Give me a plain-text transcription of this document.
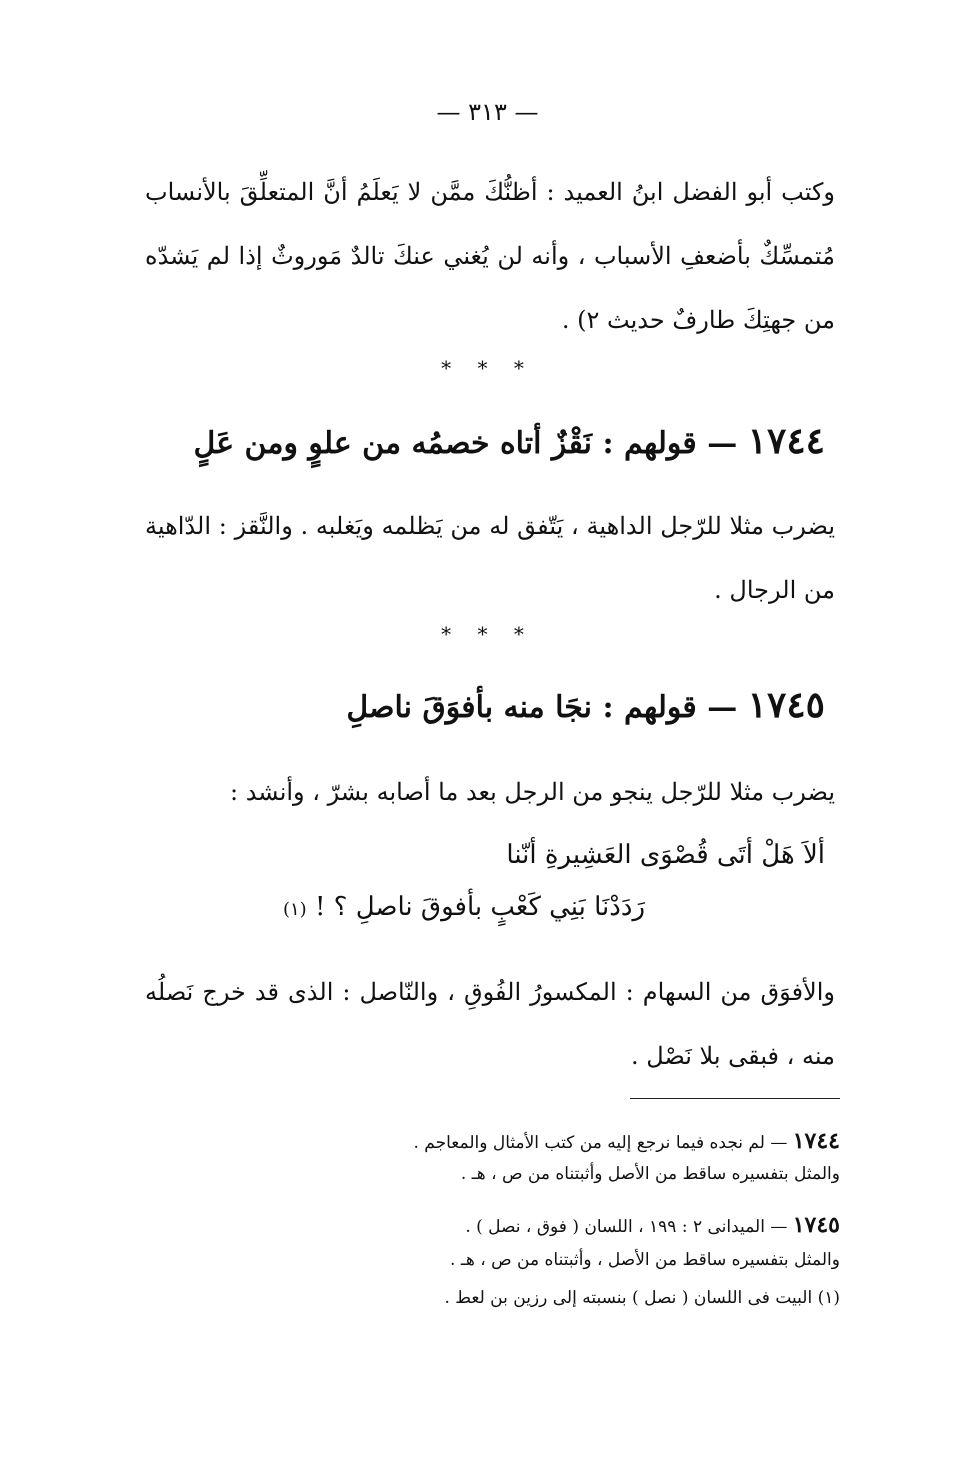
— ٣١٣ —
وكتب أبو الفضل ابنُ العميد : أظنُّكَ ممَّن لا يَعلَمُ أنَّ المتعلِّقَ بالأنساب مُتمسِّكٌ بأضعفِ الأسباب ، وأنه لن يُغني عنكَ تالدٌ مَوروثٌ إذا لم يَشدّه من جهتِكَ طارفٌ حديث ٢) .
* * *
١٧٤٤ — قولهم : نَقْزٌ أتاه خصمُه من علوٍ ومن عَلٍ
يضرب مثلا للرّجل الداهية ، يَتّفق له من يَظلمه ويَغلبه . والنَّقز : الدّاهية من الرجال .
* * *
١٧٤٥ — قولهم : نجَا منه بأفوَقَ ناصلِ
يضرب مثلا للرّجل ينجو من الرجل بعد ما أصابه بشرّ ، وأنشد :
ألاَ هَلْ أتَى قُصْوَى العَشِيرةِ أنّنا
رَدَدْنَا بَنِي كَعْبٍ بأفوقَ ناصلِ ؟ ! (١)
والأفوَق من السهام : المكسورُ الفُوقِ ، والنّاصل : الذى قد خرج نَصلُه منه ، فبقى بلا نَصْل .
١٧٤٤ — لم نجده فيما نرجع إليه من كتب الأمثال والمعاجم .
والمثل بتفسيره ساقط من الأصل وأثبتناه من ص ، هـ .
١٧٤٥ — الميدانى ٢ : ١٩٩ ، اللسان ( فوق ، نصل ) .
والمثل بتفسيره ساقط من الأصل ، وأثبتناه من ص ، هـ .
(١) البيت فى اللسان ( نصل ) بنسبته إلى رزين بن لعط .
